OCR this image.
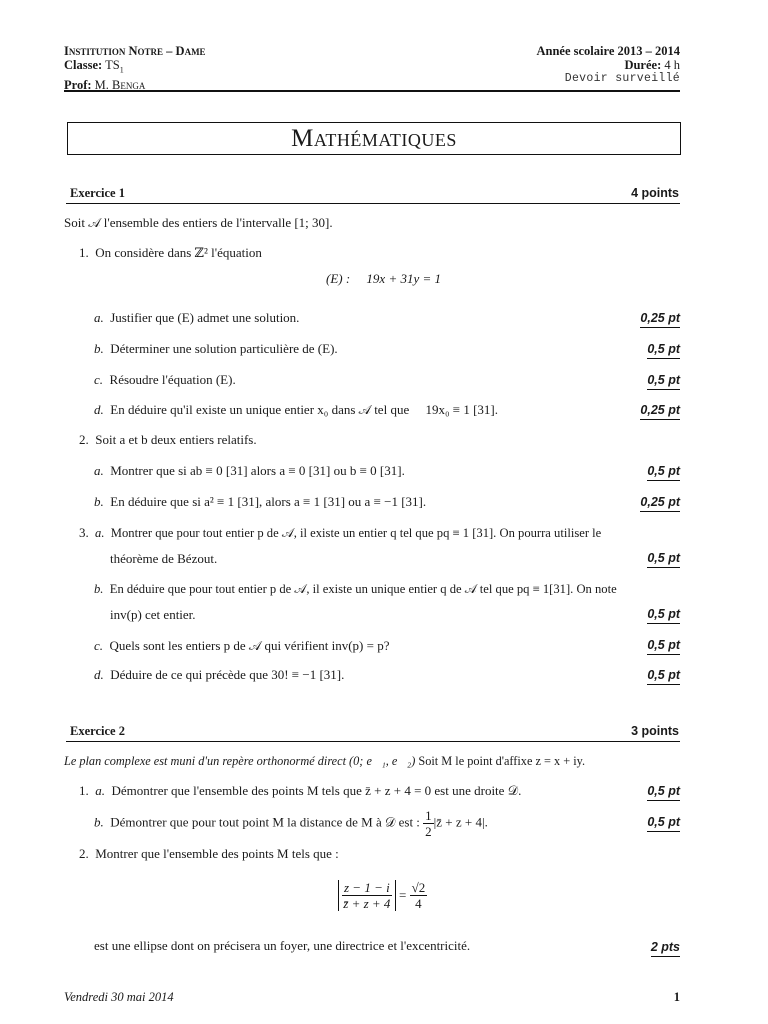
Institution Notre – Dame
Classe: $TS_1$
Prof: M. Benga
Année scolaire 2013 – 2014
Durée: 4 h
Devoir surveillé
Mathématiques
Exercice 1	4 points
Soit 𝒜 l'ensemble des entiers de l'intervalle [1; 30].
1. On considère dans ℤ² l'équation
(E) :     19x + 31y = 1
a. Justifier que (E) admet une solution.	0,25 pt
b. Déterminer une solution particulière de (E).	0,5 pt
c. Résoudre l'équation (E).	0,5 pt
d. En déduire qu'il existe un unique entier x₀ dans 𝒜 tel que     19x₀ ≡ 1 [31].	0,25 pt
2. Soit a et b deux entiers relatifs.
a. Montrer que si ab ≡ 0 [31] alors a ≡ 0 [31] ou b ≡ 0 [31].	0,5 pt
b. En déduire que si a² ≡ 1 [31], alors a ≡ 1 [31] ou a ≡ −1 [31].	0,25 pt
3. a. Montrer que pour tout entier p de 𝒜, il existe un entier q tel que pq ≡ 1 [31]. On pourra utiliser le
théorème de Bézout.	0,5 pt
b. En déduire que pour tout entier p de 𝒜, il existe un unique entier q de 𝒜 tel que pq ≡ 1[31]. On note
inv(p) cet entier.	0,5 pt
c. Quels sont les entiers p de 𝒜 qui vérifient inv(p) = p?	0,5 pt
d. Déduire de ce qui précède que 30! ≡ −1 [31].	0,5 pt
Exercice 2	3 points
Le plan complexe est muni d'un repère orthonormé direct (0; e⃗₁, e⃗₂) Soit M le point d'affixe z = x + iy.
1. a. Démontrer que l'ensemble des points M tels que z̄ + z + 4 = 0 est une droite 𝒟.	0,5 pt
b. Démontrer que pour tout point M la distance de M à 𝒟 est : $\frac{1}{2}$ |z̄ + z + 4|.	0,5 pt
2. Montrer que l'ensemble des points M tels que :
$\frac{z - 1 - i}{z̄ + z + 4} = \frac{√2}{4}$
est une ellipse dont on précisera un foyer, une directrice et l'excentricité.	2 pts
Vendredi 30 mai 2014	1
